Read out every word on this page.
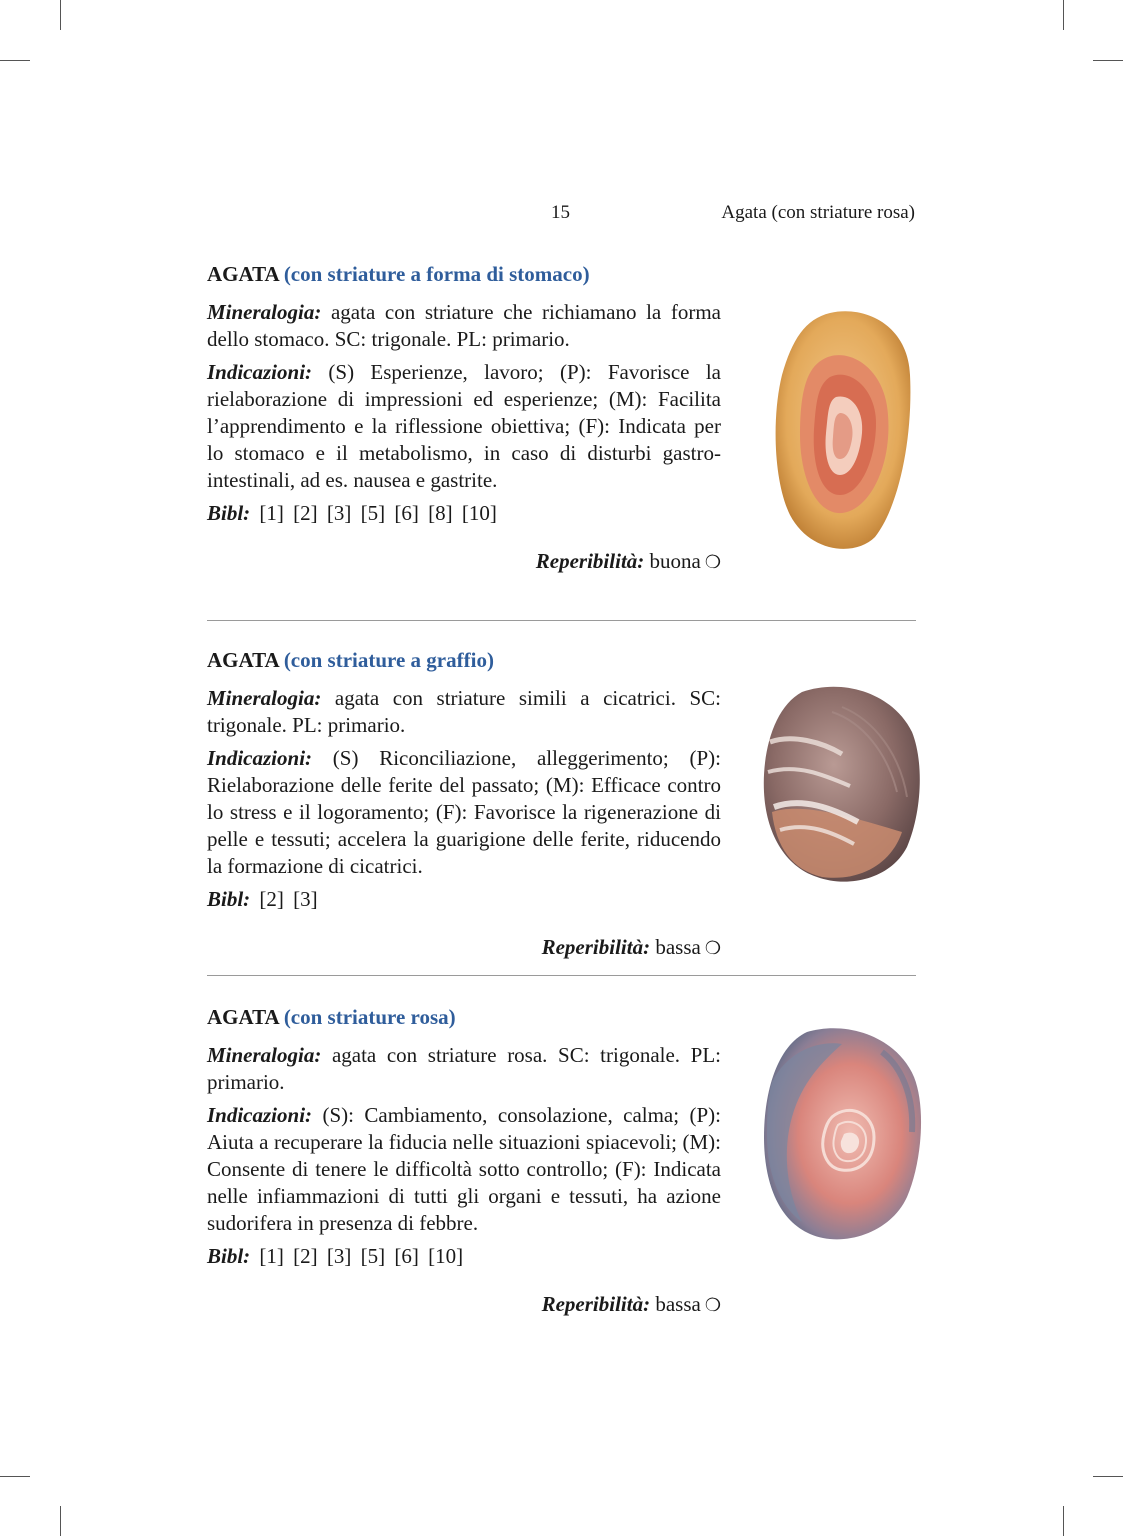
15	Agata (con striature rosa)
AGATA (con striature a forma di stomaco)

Mineralogia: agata con striature che richiamano la forma dello stomaco. SC: trigonale. PL: primario.

Indicazioni: (S) Esperienze, lavoro; (P): Favorisce la rielaborazione di impressioni ed esperienze; (M): Facilita l’apprendimento e la riflessione obiettiva; (F): Indicata per lo stomaco e il metabolismo, in caso di disturbi gastro-intestinali, ad es. nausea e gastrite.

Bibl: [1] [2] [3] [5] [6] [8] [10]

Reperibilità: buona ❍

AGATA (con striature a graffio)

Mineralogia: agata con striature simili a cicatrici. SC: trigonale. PL: primario.

Indicazioni: (S) Riconciliazione, alleggerimento; (P): Rielaborazione delle ferite del passato; (M): Efficace contro lo stress e il logoramento; (F): Favorisce la rigenerazione di pelle e tessuti; accelera la guarigione delle ferite, riducendo la formazione di cicatrici.

Bibl: [2] [3]

Reperibilità: bassa ❍

AGATA (con striature rosa)

Mineralogia: agata con striature rosa. SC: trigonale. PL: primario.

Indicazioni: (S): Cambiamento, consolazione, calma; (P): Aiuta a recuperare la fiducia nelle situazioni spiacevoli; (M): Consente di tenere le difficoltà sotto controllo; (F): Indicata nelle infiammazioni di tutti gli organi e tessuti, ha azione sudorifera in presenza di febbre.

Bibl: [1] [2] [3] [5] [6] [10]

Reperibilità: bassa ❍
